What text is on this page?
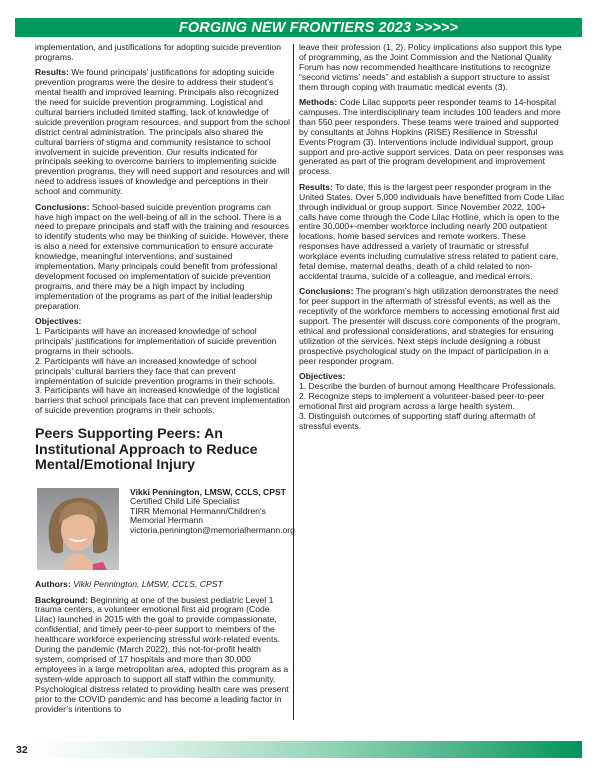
FORGING NEW FRONTIERS 2023 >>>>>

implementation, and justifications for adopting suicide prevention programs.

Results: We found principals’ justifications for adopting suicide prevention programs were the desire to address their student’s mental health and improved learning. Principals also recognized the need for suicide prevention programming. Logistical and cultural barriers included limited staffing, lack of knowledge of suicide prevention program resources, and support from the school district central administration. The principals also shared the cultural barriers of stigma and community resistance to school involvement in suicide prevention. Our results indicated for principals seeking to overcome barriers to implementing suicide prevention programs, they will need support and resources and will need to address issues of knowledge and perceptions in their school and community.

Conclusions: School-based suicide prevention programs can have high impact on the well-being of all in the school. There is a need to prepare principals and staff with the training and resources to identify students who may be thinking of suicide. However, there is also a need for extensive communication to ensure accurate knowledge, meaningful interventions, and sustained implementation. Many principals could benefit from professional development focused on implementation of suicide prevention programs, and there may be a high impact by including implementation of the programs as part of the initial leadership preparation.

Objectives:

1. Participants will have an increased knowledge of school principals’ justifications for implementation of suicide prevention programs in their schools.

2. Participants will have an increased knowledge of school principals’ cultural barriers they face that can prevent implementation of suicide prevention programs in their schools.

3. Participants will have an increased knowledge of the logistical barriers that school principals face that can prevent implementation of suicide prevention programs in their schools.

Peers Supporting Peers: An Institutional Approach to Reduce Mental/Emotional Injury
Vikki Pennington, LMSW, CCLS, CPST
Certified Child Life Specialist
TIRR Memorial Hermann/Children’s
Memorial Hermann
victoria.pennington@memorialhermann.org

Authors: Vikki Pennington, LMSW, CCLS, CPST

Background: Beginning at one of the busiest pediatric Level 1 trauma centers, a volunteer emotional first aid program (Code Lilac) launched in 2015 with the goal to provide compassionate, confidential, and timely peer-to-peer support to members of the healthcare workforce experiencing stressful work-related events. During the pandemic (March 2022), this not-for-profit health system, comprised of 17 hospitals and more than 30,000 employees in a large metropolitan area, adopted this program as a system-wide approach to support all staff within the community. Psychological distress related to providing health care was present prior to the COVID pandemic and has become a leading factor in provider’s intentions to

leave their profession (1, 2). Policy implications also support this type of programming, as the Joint Commission and the National Quality Forum has now recommended healthcare institutions to recognize “second victims’ needs” and establish a support structure to assist them through coping with traumatic medical events (3).

Methods: Code Lilac supports peer responder teams to 14-hospital campuses. The interdisciplinary team includes 100 leaders and more than 550 peer responders. These teams were trained and supported by consultants at Johns Hopkins (RISE) Resilience in Stressful Events Program (3). Interventions include individual support, group support and pro-active support services. Data on peer responses was generated as part of the program development and improvement process.

Results: To date, this is the largest peer responder program in the United States. Over 5,000 individuals have benefitted from Code Lilac through individual or group support. Since November 2022, 100+ calls have come through the Code Lilac Hotline, which is open to the entire 30,000+-member workforce including nearly 200 outpatient locations, home based services and remote workers. These responses have addressed a variety of traumatic or stressful workplace events including cumulative stress related to patient care, fetal demise, maternal deaths, death of a child related to non-accidental trauma, suicide of a colleague, and medical errors.

Conclusions: The program’s high utilization demonstrates the need for peer support in the aftermath of stressful events, as well as the receptivity of the workforce members to accessing emotional first aid support. The presenter will discuss core components of the program, ethical and professional considerations, and strategies for ensuring utilization of the services. Next steps include designing a robust prospective psychological study on the impact of participation in a peer responder program.

Objectives:

1. Describe the burden of burnout among Healthcare Professionals.

2. Recognize steps to implement a volunteer-based peer-to-peer emotional first aid program across a large health system.

3. Distinguish outcomes of supporting staff during aftermath of stressful events.

32
